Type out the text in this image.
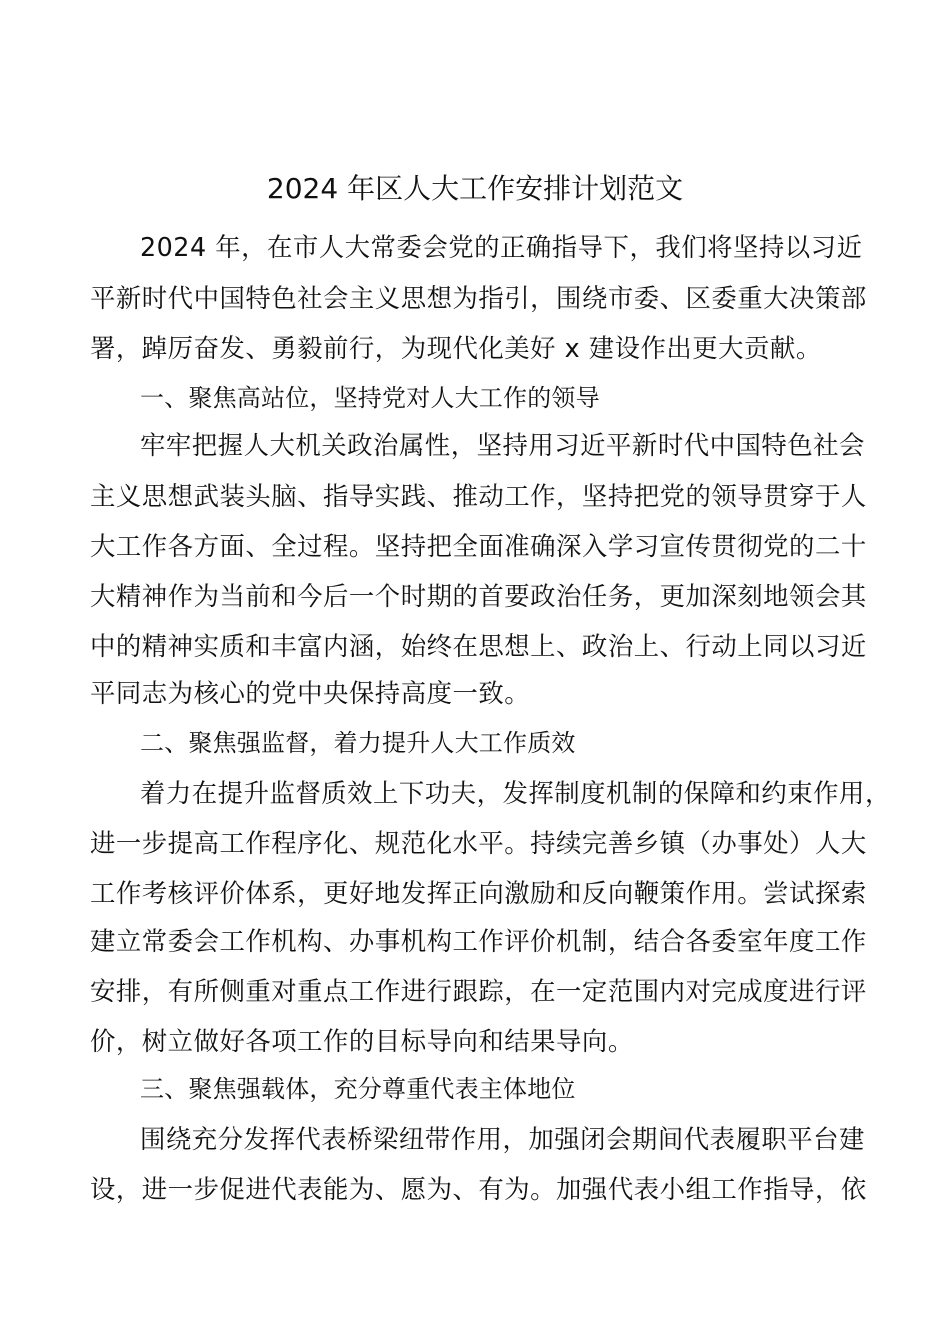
2024 年区人大工作安排计划范文
2024 年，在市人大常委会党的正确指导下，我们将坚持以习近
平新时代中国特色社会主义思想为指引，围绕市委、区委重大决策部
署，踔厉奋发、勇毅前行，为现代化美好 x 建设作出更大贡献。
一、聚焦高站位，坚持党对人大工作的领导
牢牢把握人大机关政治属性，坚持用习近平新时代中国特色社会
主义思想武装头脑、指导实践、推动工作，坚持把党的领导贯穿于人
大工作各方面、全过程。坚持把全面准确深入学习宣传贯彻党的二十
大精神作为当前和今后一个时期的首要政治任务，更加深刻地领会其
中的精神实质和丰富内涵，始终在思想上、政治上、行动上同以习近
平同志为核心的党中央保持高度一致。
二、聚焦强监督，着力提升人大工作质效
着力在提升监督质效上下功夫，发挥制度机制的保障和约束作用，
进一步提高工作程序化、规范化水平。持续完善乡镇（办事处）人大
工作考核评价体系，更好地发挥正向激励和反向鞭策作用。尝试探索
建立常委会工作机构、办事机构工作评价机制，结合各委室年度工作
安排，有所侧重对重点工作进行跟踪，在一定范围内对完成度进行评
价，树立做好各项工作的目标导向和结果导向。
三、聚焦强载体，充分尊重代表主体地位
围绕充分发挥代表桥梁纽带作用，加强闭会期间代表履职平台建
设，进一步促进代表能为、愿为、有为。加强代表小组工作指导，依
